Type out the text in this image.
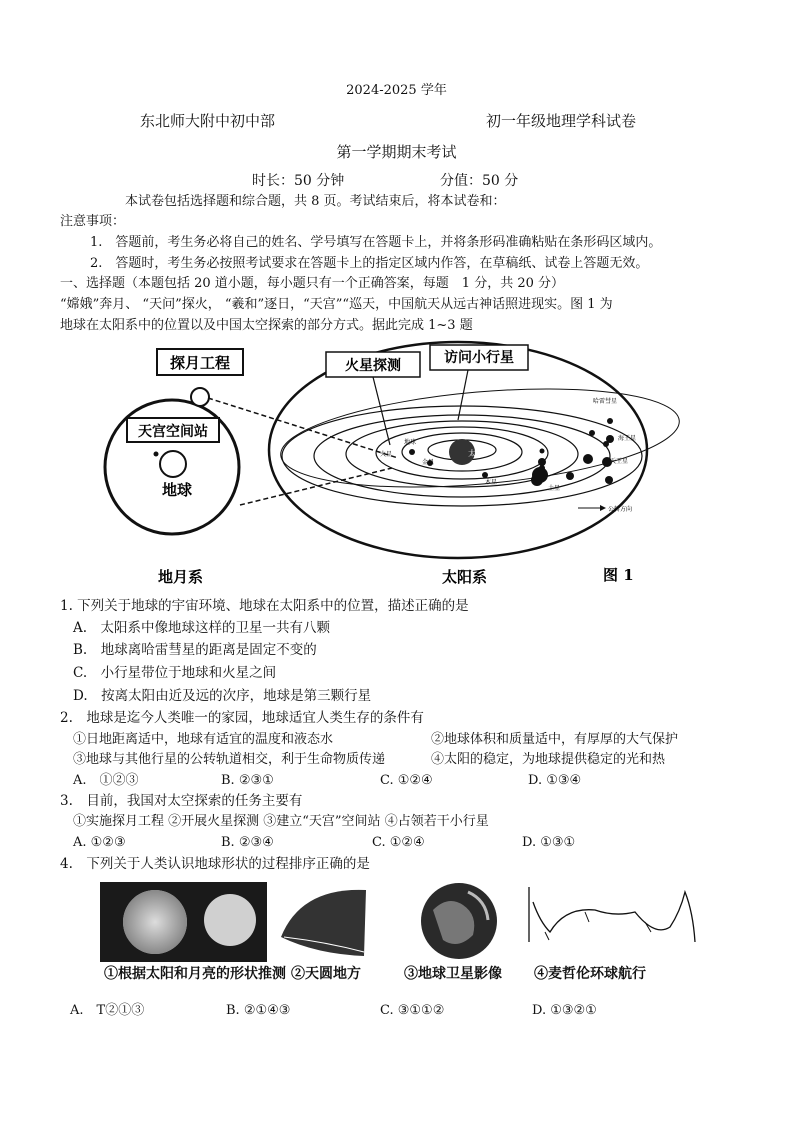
2024-2025 学年
东北师大附中初中部	初一年级地理学科试卷
第一学期期末考试
时长：50 分钟	分值：50 分
本试卷包括选择题和综合题，共 8 页。考试结束后，将本试卷和：
注意事项：
1.　答题前，考生务必将自己的姓名、学号填写在答题卡上，并将条形码准确粘贴在条形码区域内。
2.　答题时，考生务必按照考试要求在答题卡上的指定区域内作答，在草稿纸、试卷上答题无效。
一、选择题（本题包括 20 道小题，每小题只有一个正确答案，每题　1 分，共 20 分）
“嫦娥”奔月、 “天问”探火， “羲和”逐日，“天宫”“巡天，中国航天从远古神话照进现实。图 1 为
地球在太阳系中的位置以及中国太空探索的部分方式。据此完成 1~3 题
探月工程
天宫空间站
地球
太阳
地球
金星
火星
木星
土星
天王星
海王星
哈雷彗星
公转方向
火星探测	访问小行星
地月系	太阳系	图 1
1. 下列关于地球的宇宙环境、地球在太阳系中的位置，描述正确的是
A.　太阳系中像地球这样的卫星一共有八颗
B.　地球离哈雷彗星的距离是固定不变的
C.　小行星带位于地球和火星之间
D.　按离太阳由近及远的次序，地球是第三颗行星
2.　地球是迄今人类唯一的家园，地球适宜人类生存的条件有
①日地距离适中，地球有适宜的温度和液态水	②地球体积和质量适中，有厚厚的大气保护
③地球与其他行星的公转轨道相交，利于生命物质传递	④太阳的稳定，为地球提供稳定的光和热
A.　①②③	B. ②③①	C. ①②④	D. ①③④
3.　目前，我国对太空探索的任务主要有
①实施探月工程 ②开展火星探测 ③建立“天宫”空间站 ④占领若干小行星
A. ①②③	B. ②③④	C. ①②④	D. ①③①
4.　下列关于人类认识地球形状的过程排序正确的是
①根据太阳和月亮的形状推测 ②天圆地方	③地球卫星影像 ④麦哲伦环球航行
A.　T②①③	B. ②①④③	C. ③①①②	D. ①③②①
